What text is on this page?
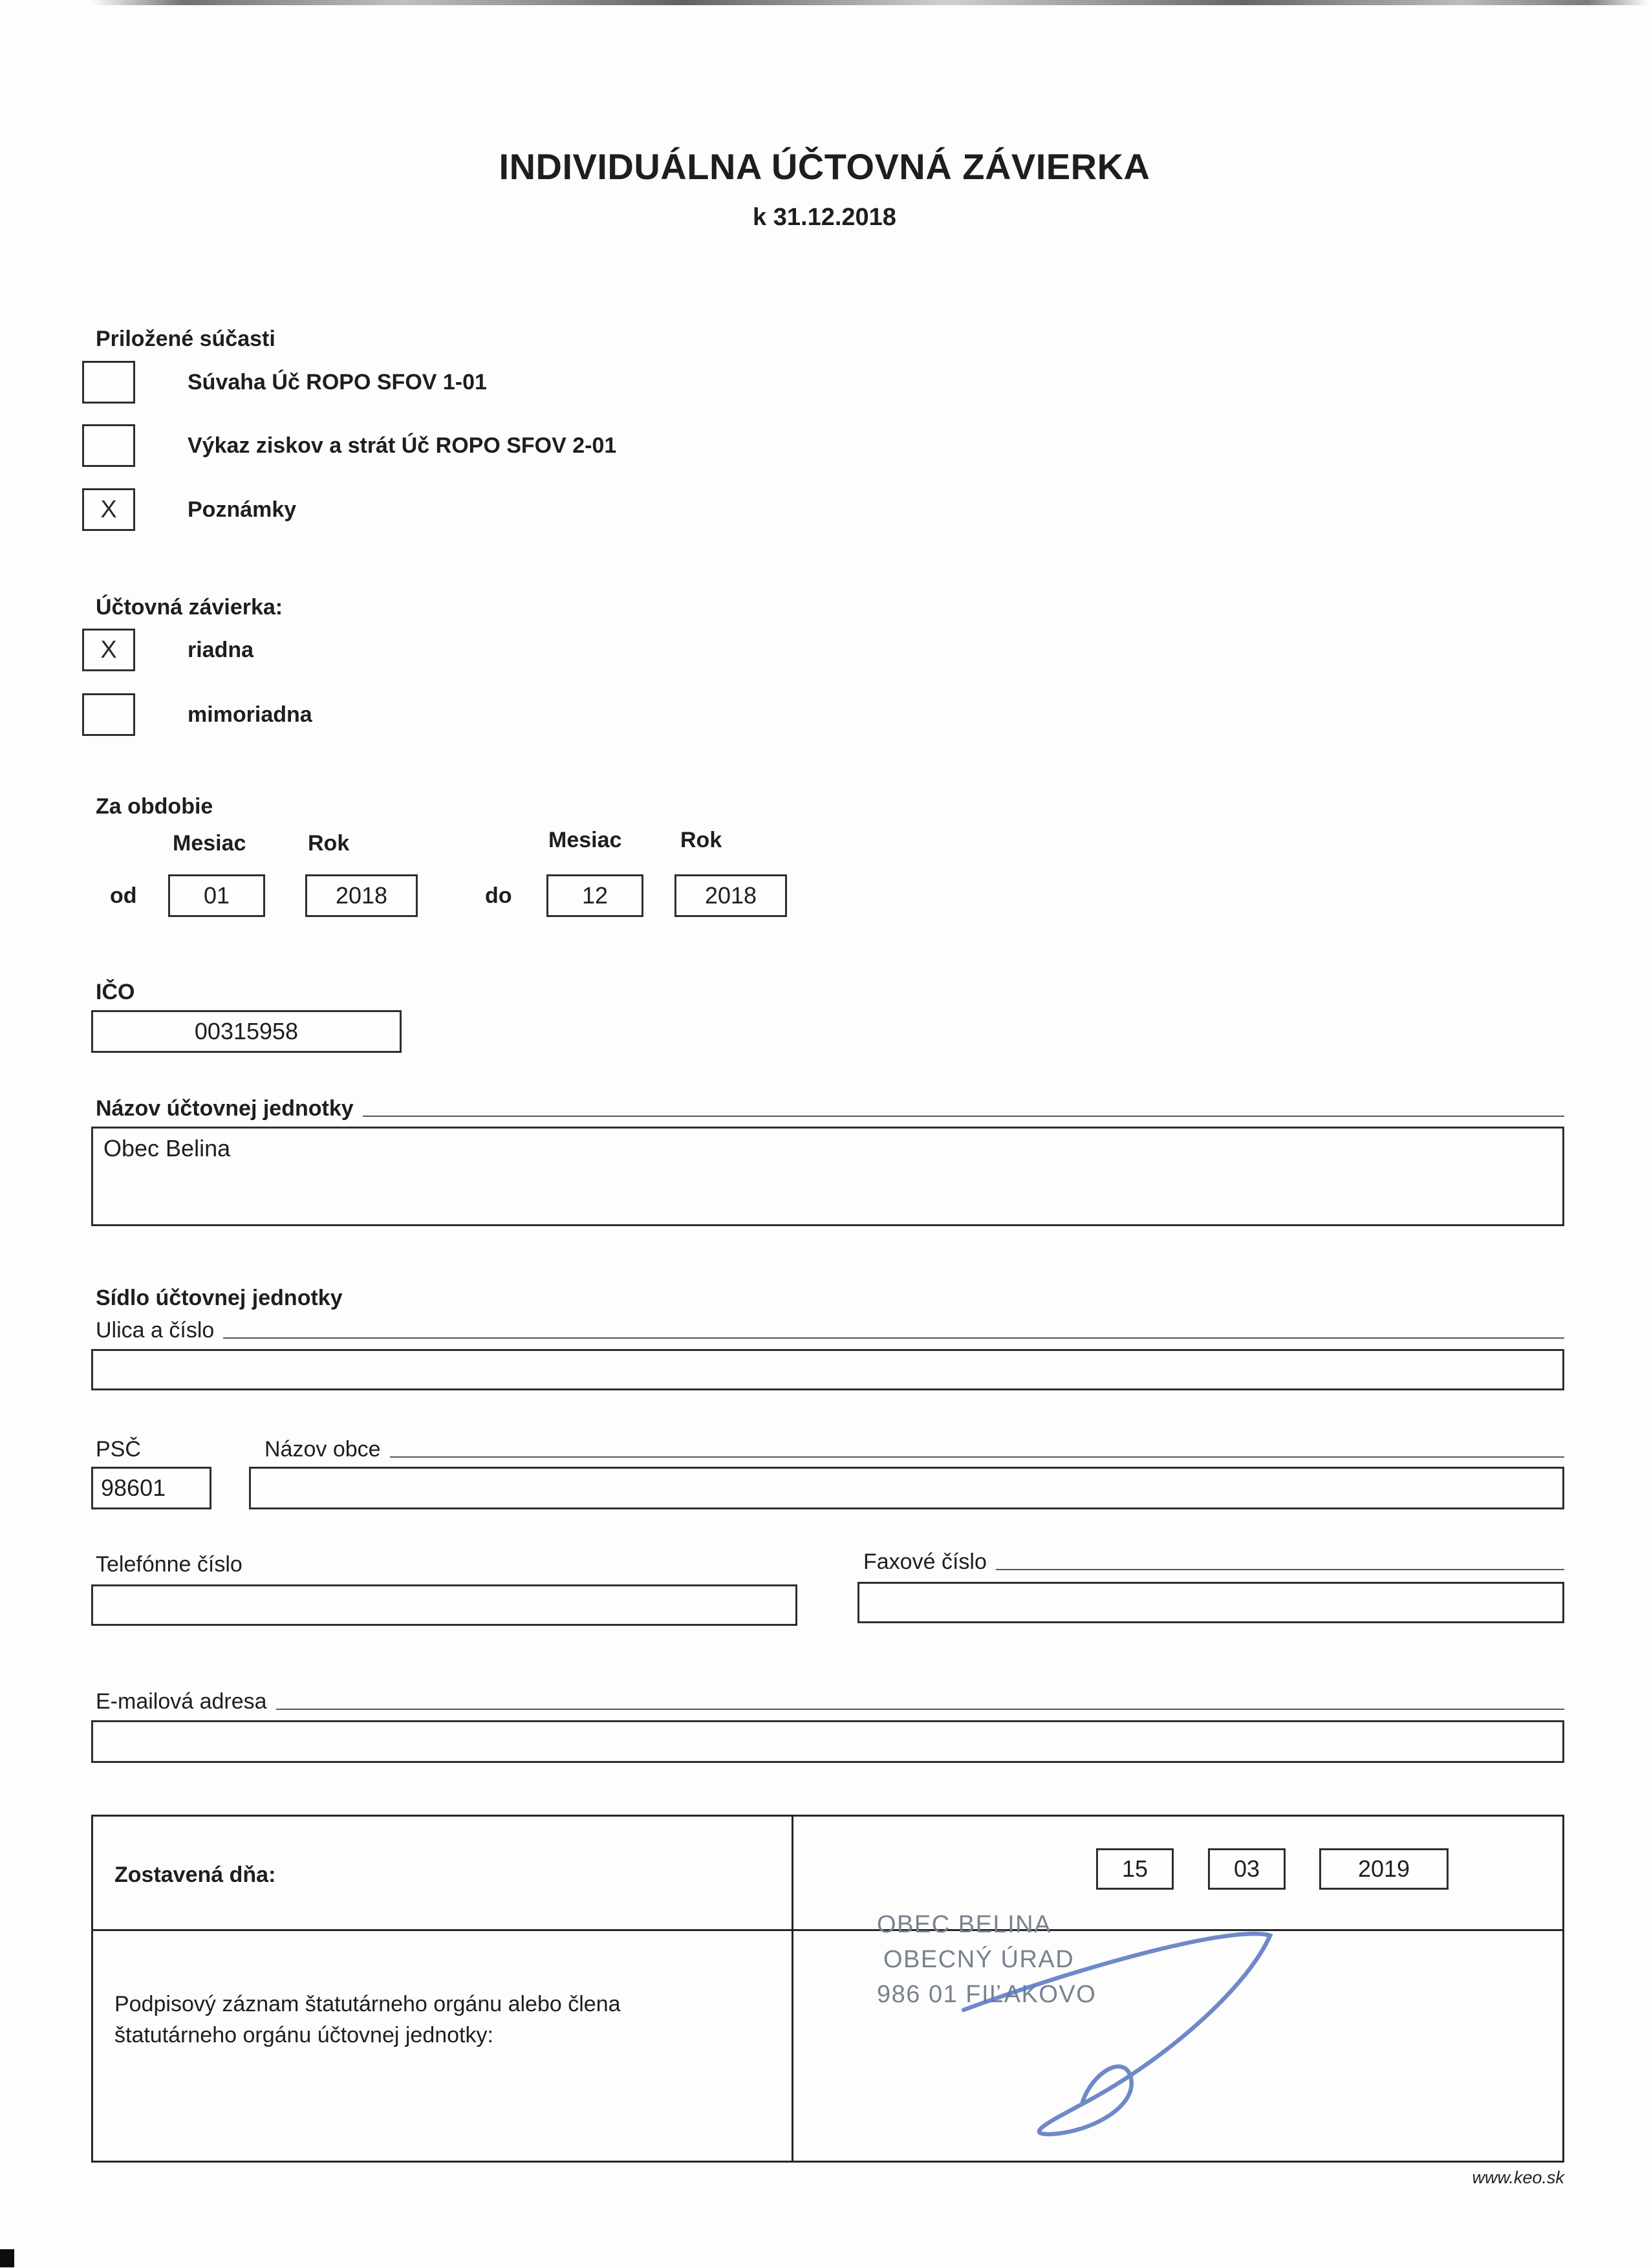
INDIVIDUÁLNA ÚČTOVNÁ ZÁVIERKA
k 31.12.2018
Priložené súčasti
Súvaha Úč ROPO SFOV 1-01
Výkaz ziskov a strát Úč ROPO SFOV 2-01
X	Poznámky
Účtovná závierka:
X	riadna
mimoriadna
Za obdobie
Mesiac	Rok	Mesiac	Rok
od	01	2018	do	12	2018
IČO
00315958
Názov účtovnej jednotky
Obec Belina
Sídlo účtovnej jednotky
Ulica a číslo
PSČ	Názov obce
98601
Telefónne číslo	Faxové číslo
E-mailová adresa
Zostavená dňa:	15	03	2019
Podpisový záznam štatutárneho orgánu alebo člena štatutárneho orgánu účtovnej jednotky:
OBEC BELINA
OBECNÝ ÚRAD
986 01 FIĽAKOVO
www.keo.sk
